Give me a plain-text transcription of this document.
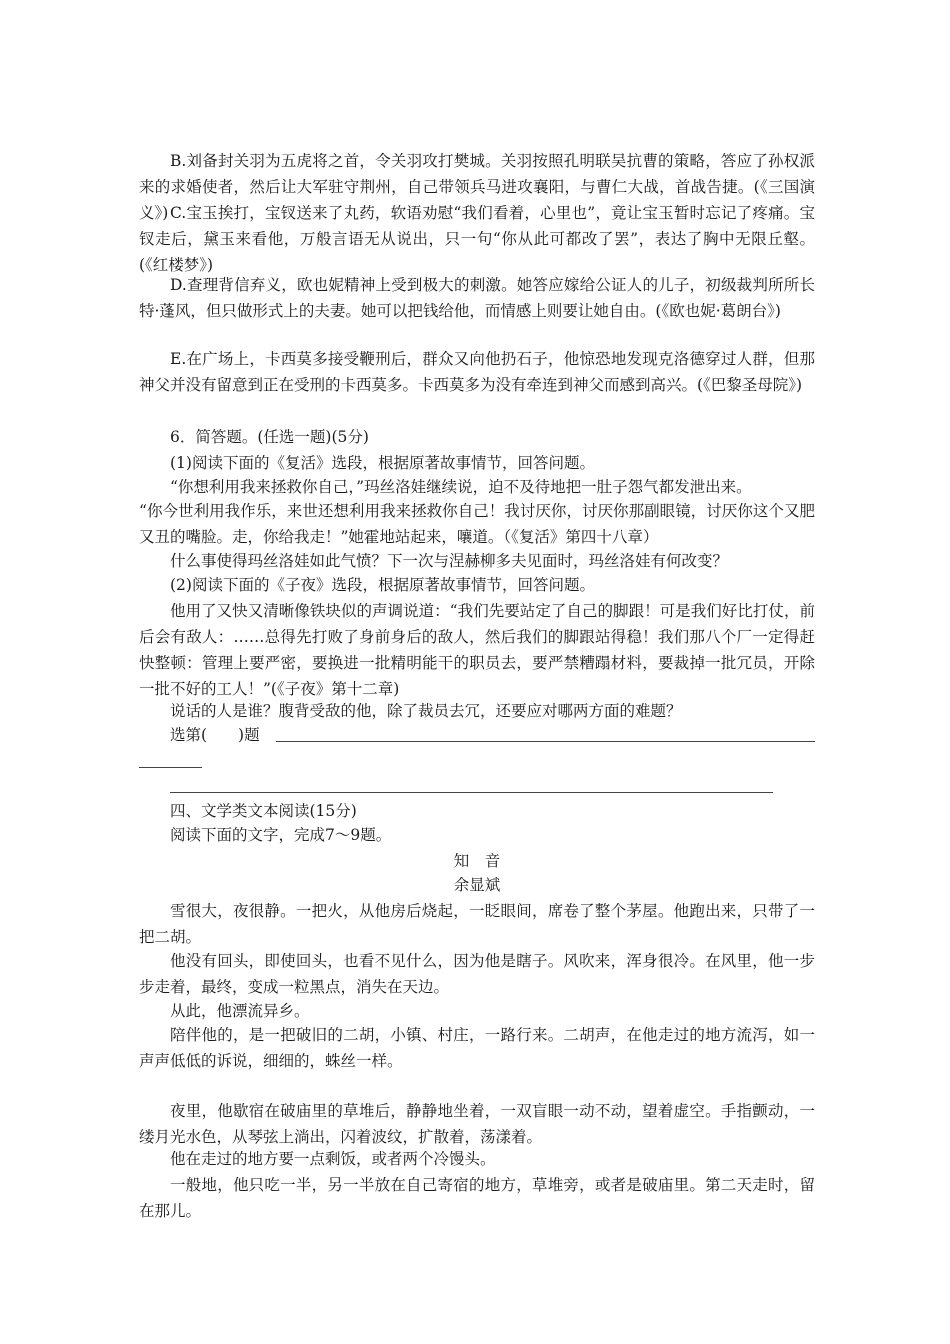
B.刘备封关羽为五虎将之首，令关羽攻打樊城。关羽按照孔明联吴抗曹的策略，答应了孙权派来的求婚使者，然后让大军驻守荆州，自己带领兵马进攻襄阳，与曹仁大战，首战告捷。(《三国演义》) C.宝玉挨打，宝钗送来了丸药，软语劝慰“我们看着，心里也”，竟让宝玉暂时忘记了疼痛。宝钗走后，黛玉来看他，万般言语无从说出，只一句“你从此可都改了罢”，表达了胸中无限丘壑。(《红楼梦》)

D.查理背信弃义，欧也妮精神上受到极大的刺激。她答应嫁给公证人的儿子，初级裁判所所长特·蓬风，但只做形式上的夫妻。她可以把钱给他，而情感上则要让她自由。(《欧也妮·葛朗台》)

E.在广场上，卡西莫多接受鞭刑后，群众又向他扔石子，他惊恐地发现克洛德穿过人群，但那神父并没有留意到正在受刑的卡西莫多。卡西莫多为没有牵连到神父而感到高兴。(《巴黎圣母院》)

6．简答题。(任选一题)(5分)

(1)阅读下面的《复活》选段，根据原著故事情节，回答问题。

“你想利用我来拯救你自己，”玛丝洛娃继续说，迫不及待地把一肚子怨气都发泄出来。

“你今世利用我作乐，来世还想利用我来拯救你自己！我讨厌你，讨厌你那副眼镜，讨厌你这个又肥又丑的嘴脸。走，你给我走！”她霍地站起来，嚷道。（《复活》第四十八章）

什么事使得玛丝洛娃如此气愤？下一次与涅赫柳多夫见面时，玛丝洛娃有何改变？

(2)阅读下面的《子夜》选段，根据原著故事情节，回答问题。

他用了又快又清晰像铁块似的声调说道：“我们先要站定了自己的脚跟！可是我们好比打仗，前后会有敌人：……总得先打败了身前身后的敌人，然后我们的脚跟站得稳！我们那八个厂一定得赶快整顿：管理上要严密，要换进一批精明能干的职员去，要严禁糟蹋材料，要裁掉一批冗员，开除一批不好的工人！”(《子夜》第十二章)

说话的人是谁？腹背受敌的他，除了裁员去冗，还要应对哪两方面的难题？

选第(　　)题

四、文学类文本阅读(15分)

阅读下面的文字，完成7～9题。

知　音

余显斌

雪很大，夜很静。一把火，从他房后烧起，一眨眼间，席卷了整个茅屋。他跑出来，只带了一把二胡。

他没有回头，即使回头，也看不见什么，因为他是瞎子。风吹来，浑身很冷。在风里，他一步步走着，最终，变成一粒黑点，消失在天边。

从此，他漂流异乡。

陪伴他的，是一把破旧的二胡，小镇、村庄，一路行来。二胡声，在他走过的地方流泻，如一声声低低的诉说，细细的，蛛丝一样。

夜里，他歇宿在破庙里的草堆后，静静地坐着，一双盲眼一动不动，望着虚空。手指颤动，一缕月光水色，从琴弦上淌出，闪着波纹，扩散着，荡漾着。

他在走过的地方要一点剩饭，或者两个冷馒头。

一般地，他只吃一半，另一半放在自己寄宿的地方，草堆旁，或者是破庙里。第二天走时，留在那儿。
